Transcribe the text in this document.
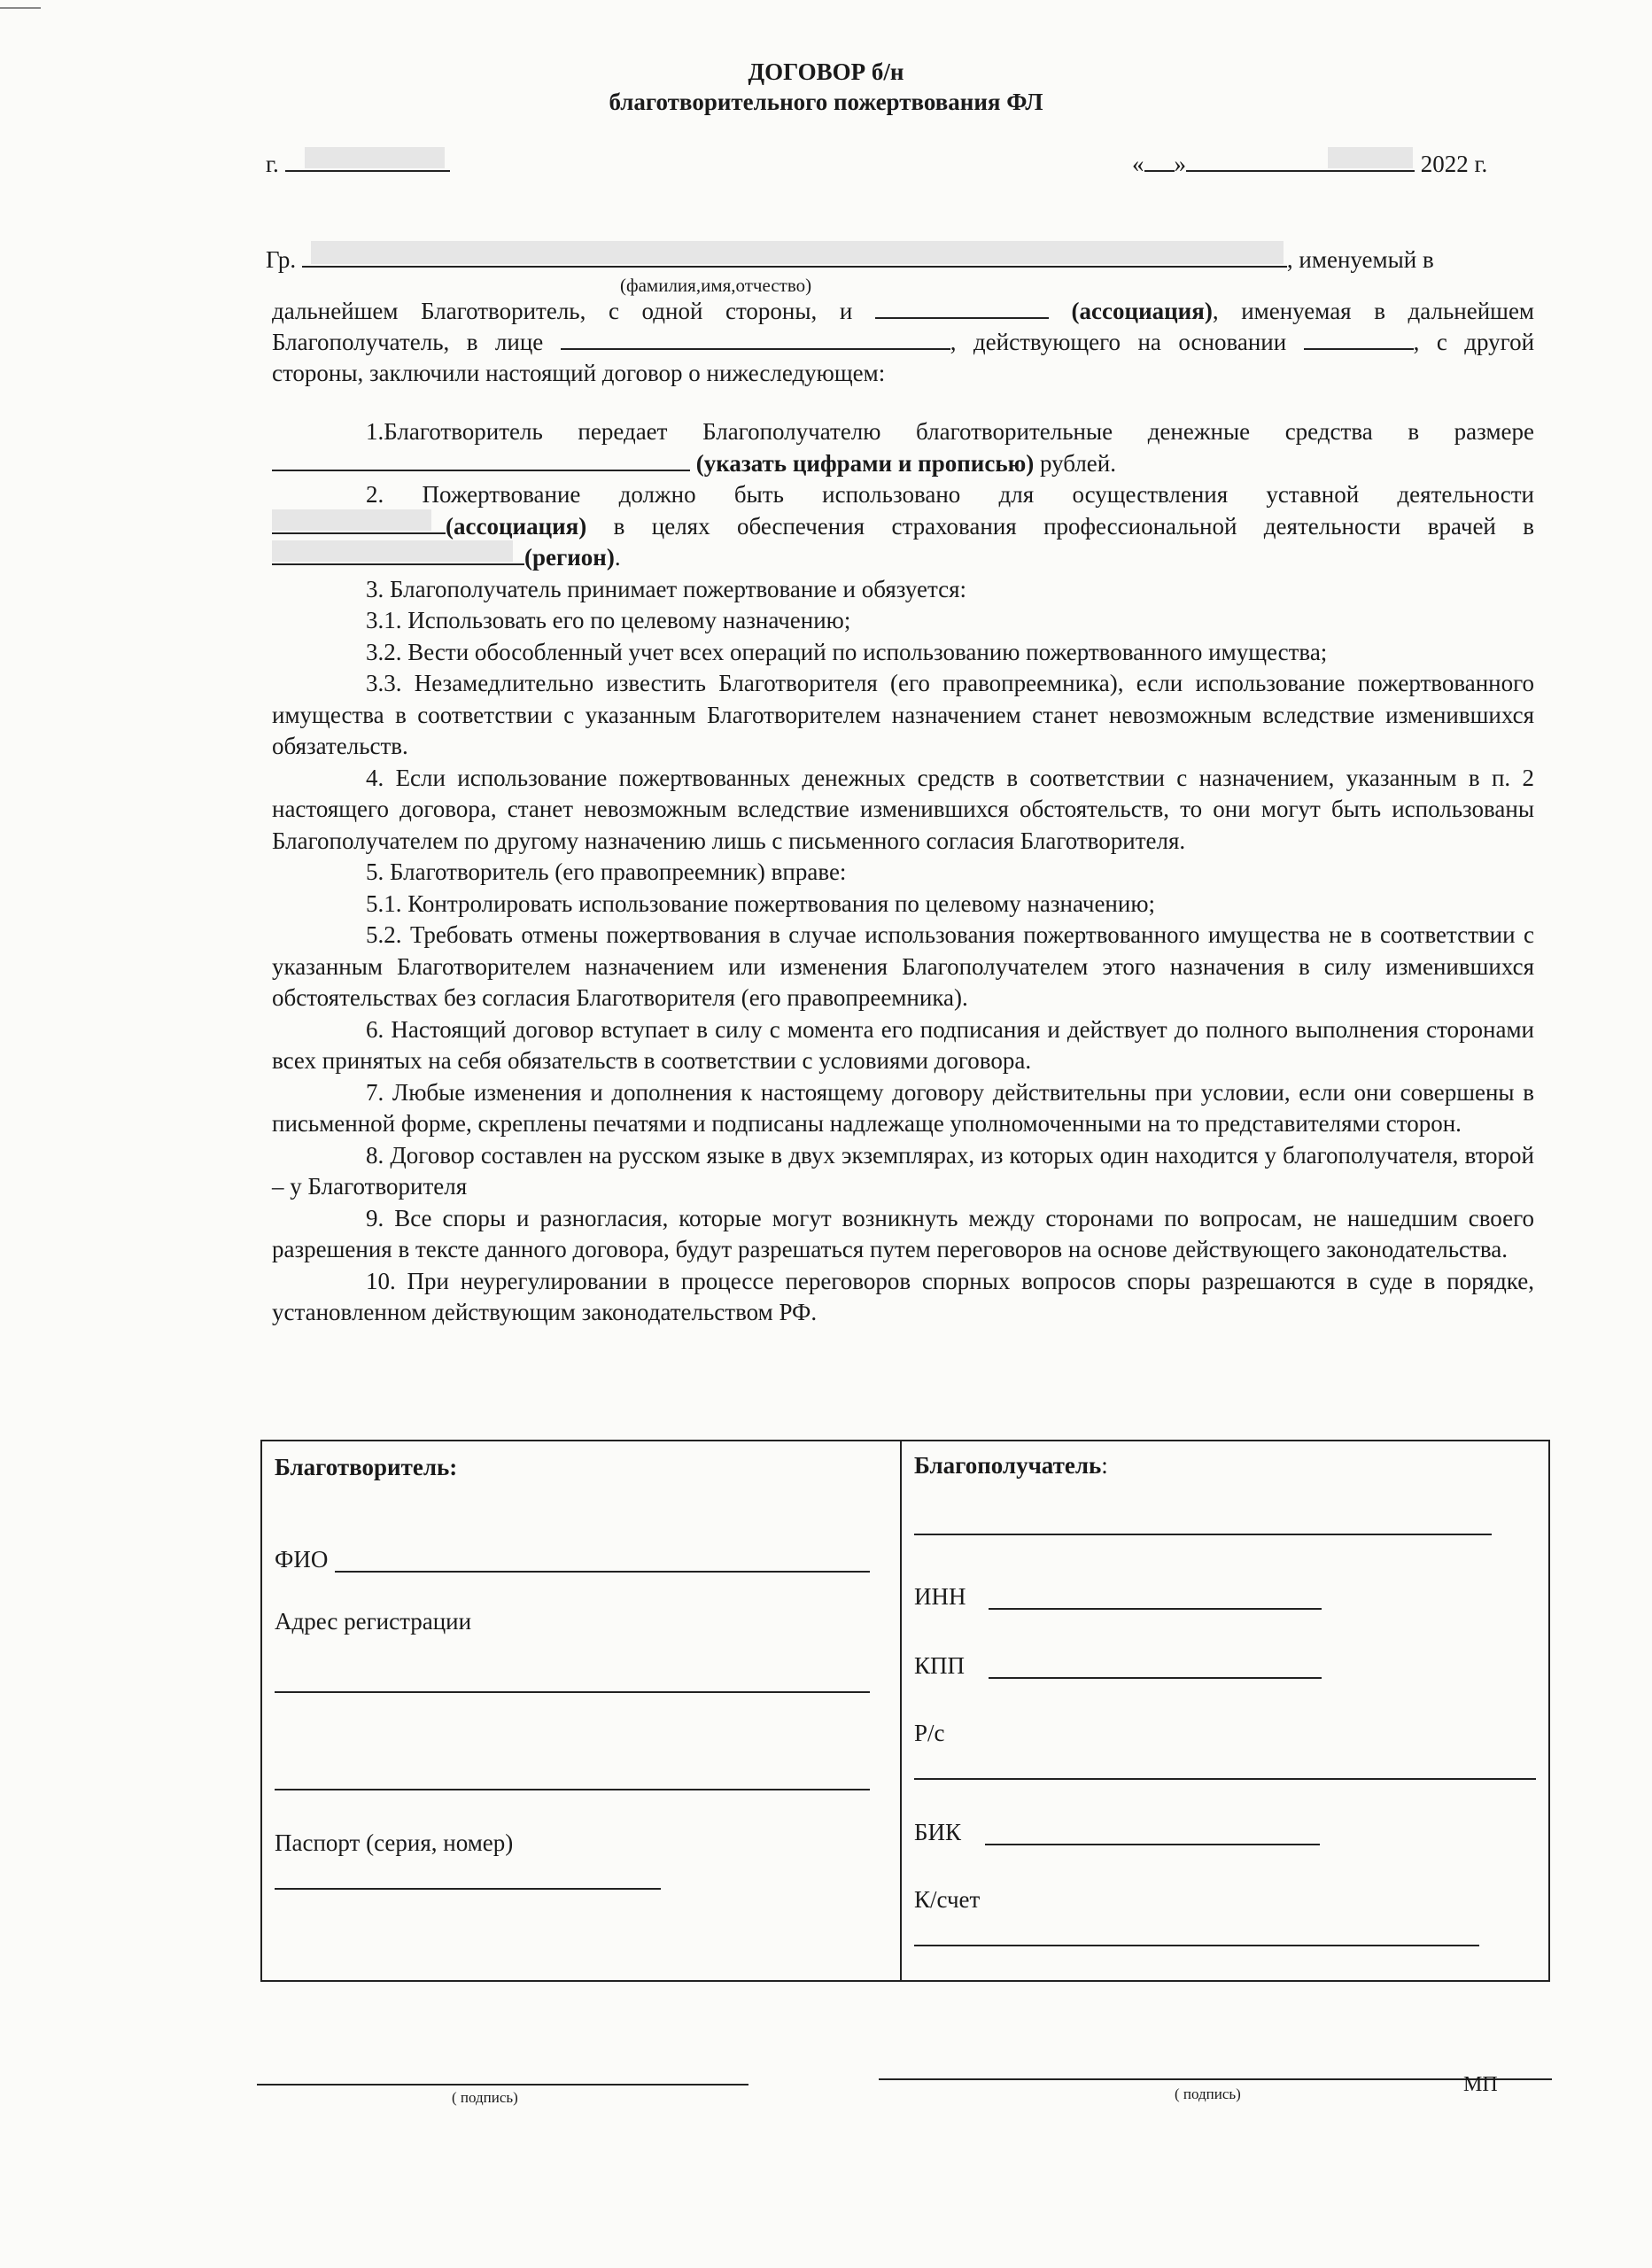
ДОГОВОР б/н
благотворительного пожертвования ФЛ
г.	« »	2022 г.
Гр.	, именуемый в
(фамилия,имя,отчество)
дальнейшем Благотворитель, с одной стороны, и	(ассоциация), именуемая в дальнейшем
Благополучатель, в лице	, действующего на основании	, с другой
стороны, заключили настоящий договор о нижеследующем:

1.Благотворитель передает Благополучателю благотворительные денежные средства в размере

(указать цифрами и прописью) рублей.

2. Пожертвование должно быть использовано для осуществления уставной деятельности

(ассоциация) в целях обеспечения страхования профессиональной деятельности врачей в

(регион).

3. Благополучатель принимает пожертвование и обязуется:

3.1. Использовать его по целевому назначению;

3.2. Вести обособленный учет всех операций по использованию пожертвованного имущества;

3.3. Незамедлительно известить Благотворителя (его правопреемника), если использование пожертвованного имущества в соответствии с указанным Благотворителем назначением станет невозможным вследствие изменившихся обязательств.

4. Если использование пожертвованных денежных средств в соответствии с назначением, указанным в п. 2 настоящего договора, станет невозможным вследствие изменившихся обстоятельств, то они могут быть использованы Благополучателем по другому назначению лишь с письменного согласия Благотворителя.

5. Благотворитель (его правопреемник) вправе:

5.1. Контролировать использование пожертвования по целевому назначению;

5.2. Требовать отмены пожертвования в случае использования пожертвованного имущества не в соответствии с указанным Благотворителем назначением или изменения Благополучателем этого назначения в силу изменившихся обстоятельствах без согласия Благотворителя (его правопреемника).

6. Настоящий договор вступает в силу с момента его подписания и действует до полного выполнения сторонами всех принятых на себя обязательств в соответствии с условиями договора.

7. Любые изменения и дополнения к настоящему договору действительны при условии, если они совершены в письменной форме, скреплены печатями и подписаны надлежаще уполномоченными на то представителями сторон.

8. Договор составлен на русском языке в двух экземплярах, из которых один находится у благополучателя, второй – у Благотворителя

9. Все споры и разногласия, которые могут возникнуть между сторонами по вопросам, не нашедшим своего разрешения в тексте данного договора, будут разрешаться путем переговоров на основе действующего законодательства.

10. При неурегулировании в процессе переговоров спорных вопросов споры разрешаются в суде в порядке, установленном действующим законодательством РФ.

Благотворитель:
ФИО
Адрес регистрации
Паспорт (серия, номер)
Благополучатель:
ИНН
КПП
Р/с
БИК
К/счет
( подпись)	( подпись)	МП
